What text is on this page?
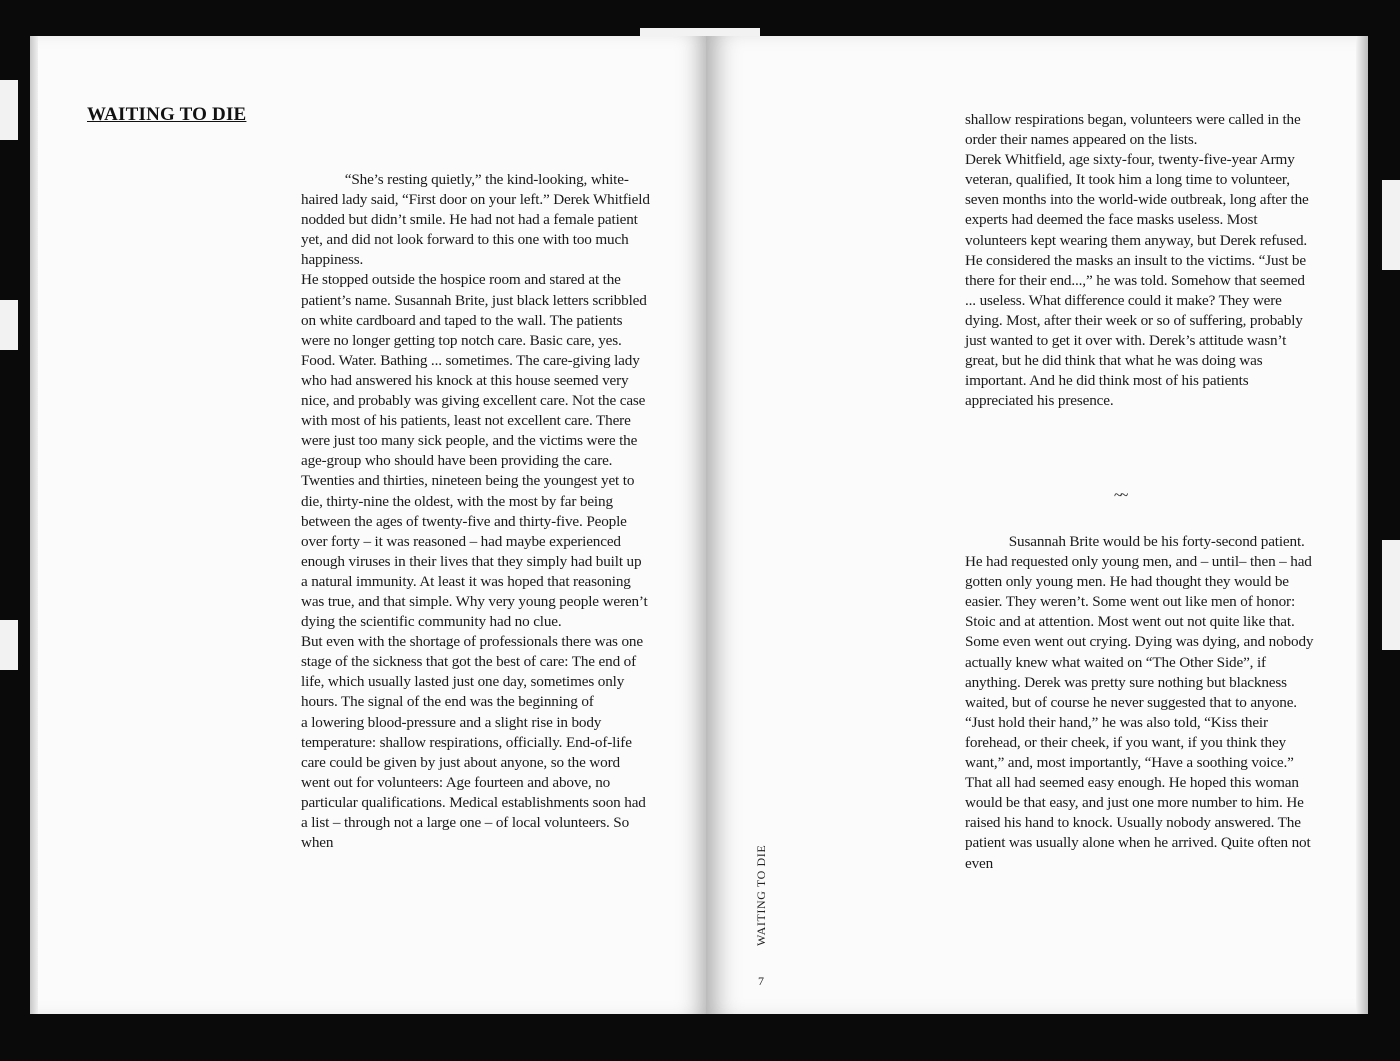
WAITING TO DIE

“She’s resting quietly,” the kind-looking, white-haired lady said, “First door on your left.” Derek Whitfield nodded but didn’t smile. He had not had a female patient yet, and did not look forward to this one with too much happiness.
He stopped outside the hospice room and stared at the patient’s name. Susannah Brite, just black letters scribbled on white cardboard and taped to the wall. The patients were no longer getting top notch care. Basic care, yes. Food. Water. Bathing ... sometimes. The care-giving lady who had answered his knock at this house seemed very nice, and probably was giving excellent care. Not the case with most of his patients, least not excellent care. There were just too many sick people, and the victims were the age-group who should have been providing the care. Twenties and thirties, nineteen being the youngest yet to die, thirty-nine the oldest, with the most by far being between the ages of twenty-five and thirty-five. People over forty – it was reasoned – had maybe experienced enough viruses in their lives that they simply had built up a natural immunity. At least it was hoped that reasoning was true, and that simple. Why very young people weren’t dying the scientific community had no clue.
But even with the shortage of professionals there was one stage of the sickness that got the best of care: The end of life, which usually lasted just one day, sometimes only hours. The signal of the end was the beginning of
a lowering blood-pressure and a slight rise in body temperature: shallow respirations, officially. End-of-life care could be given by just about anyone, so the word went out for volunteers: Age fourteen and above, no particular qualifications. Medical establishments soon had a list – through not a large one – of local volunteers. So when

shallow respirations began, volunteers were called in the order their names appeared on the lists.
Derek Whitfield, age sixty-four, twenty-five-year Army veteran, qualified, It took him a long time to volunteer, seven months into the world-wide outbreak, long after the experts had deemed the face masks useless. Most volunteers kept wearing them anyway, but Derek refused. He considered the masks an insult to the victims. “Just be there for their end...,” he was told. Somehow that seemed ... useless. What difference could it make? They were dying. Most, after their week or so of suffering, probably just wanted to get it over with. Derek’s attitude wasn’t great, but he did think that what he was doing was important. And he did think most of his patients appreciated his presence.

~~

Susannah Brite would be his forty-second patient. He had requested only young men, and – until– then – had gotten only young men. He had thought they would be easier. They weren’t. Some went out like men of honor: Stoic and at attention. Most went out not quite like that. Some even went out crying. Dying was dying, and nobody actually knew what waited on “The Other Side”, if anything. Derek was pretty sure nothing but blackness waited, but of course he never suggested that to anyone. “Just hold their hand,” he was also told, “Kiss their forehead, or their cheek, if you want, if you think they want,” and, most importantly, “Have a soothing voice.”
That all had seemed easy enough. He hoped this woman would be that easy, and just one more number to him. He raised his hand to knock. Usually nobody answered. The patient was usually alone when he arrived. Quite often not even

WAITING TO DIE
7
